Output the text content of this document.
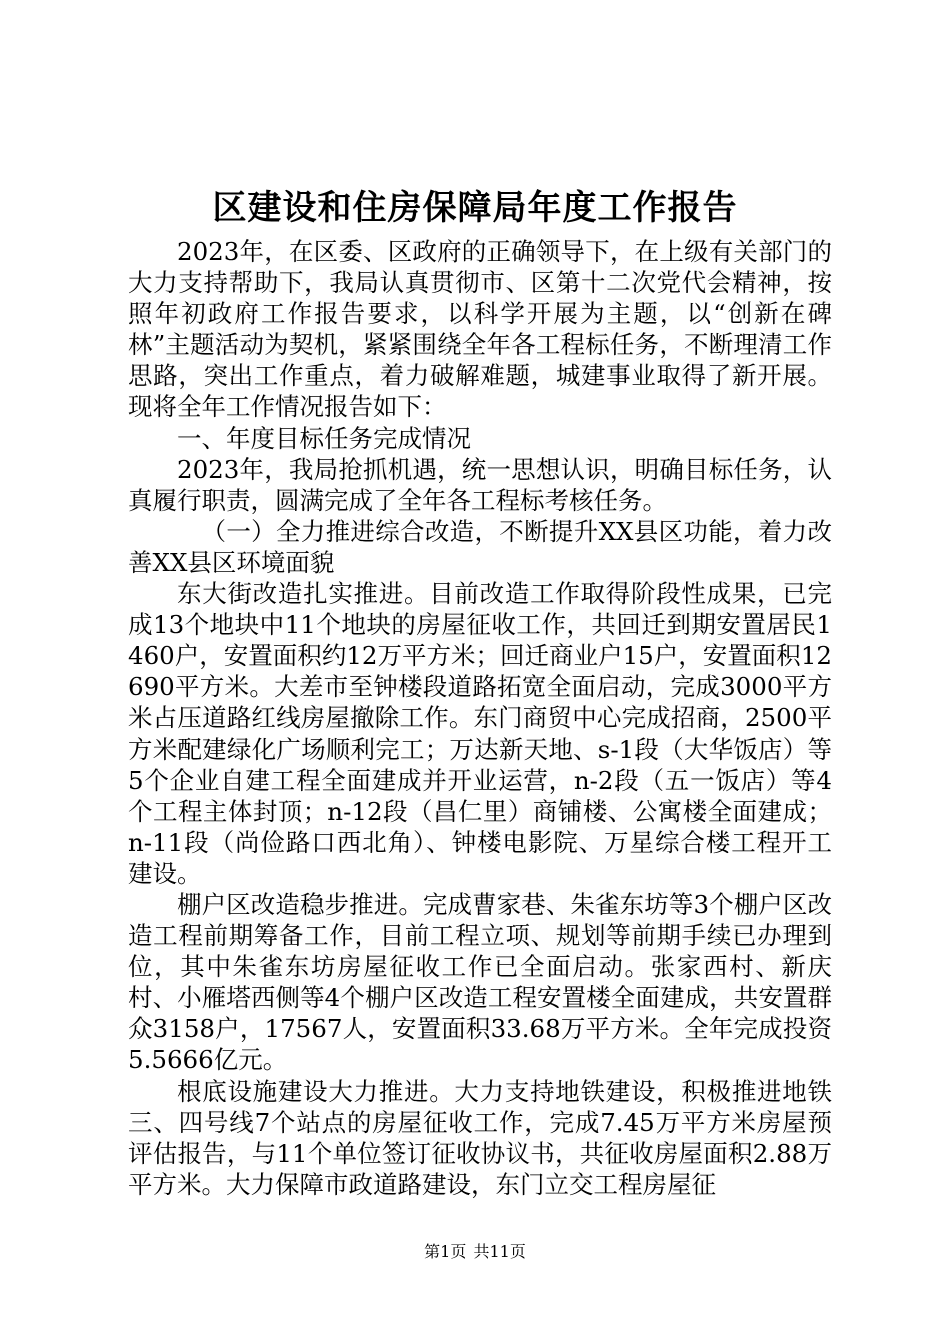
区建设和住房保障局年度工作报告

2023年，在区委、区政府的正确领导下，在上级有关部门的大力支持帮助下，我局认真贯彻市、区第十二次党代会精神，按照年初政府工作报告要求，以科学开展为主题，以“创新在碑林”主题活动为契机，紧紧围绕全年各工程标任务，不断理清工作思路，突出工作重点，着力破解难题，城建事业取得了新开展。现将全年工作情况报告如下：

一、年度目标任务完成情况

2023年，我局抢抓机遇，统一思想认识，明确目标任务，认真履行职责，圆满完成了全年各工程标考核任务。

（一）全力推进综合改造，不断提升XX县区功能，着力改善XX县区环境面貌

东大街改造扎实推进。目前改造工作取得阶段性成果，已完成13个地块中11个地块的房屋征收工作，共回迁到期安置居民1460户，安置面积约12万平方米；回迁商业户15户，安置面积12690平方米。大差市至钟楼段道路拓宽全面启动，完成3000平方米占压道路红线房屋撤除工作。东门商贸中心完成招商，2500平方米配建绿化广场顺利完工；万达新天地、s-1段（大华饭店）等5个企业自建工程全面建成并开业运营，n-2段（五一饭店）等4个工程主体封顶；n-12段（昌仁里）商铺楼、公寓楼全面建成；n-11段（尚俭路口西北角）、钟楼电影院、万星综合楼工程开工建设。

棚户区改造稳步推进。完成曹家巷、朱雀东坊等3个棚户区改造工程前期筹备工作，目前工程立项、规划等前期手续已办理到位，其中朱雀东坊房屋征收工作已全面启动。张家西村、新庆村、小雁塔西侧等4个棚户区改造工程安置楼全面建成，共安置群众3158户，17567人，安置面积33.68万平方米。全年完成投资5.5666亿元。

根底设施建设大力推进。大力支持地铁建设，积极推进地铁三、四号线7个站点的房屋征收工作，完成7.45万平方米房屋预评估报告，与11个单位签订征收协议书，共征收房屋面积2.88万平方米。大力保障市政道路建设，东门立交工程房屋征

第1页 共11页
